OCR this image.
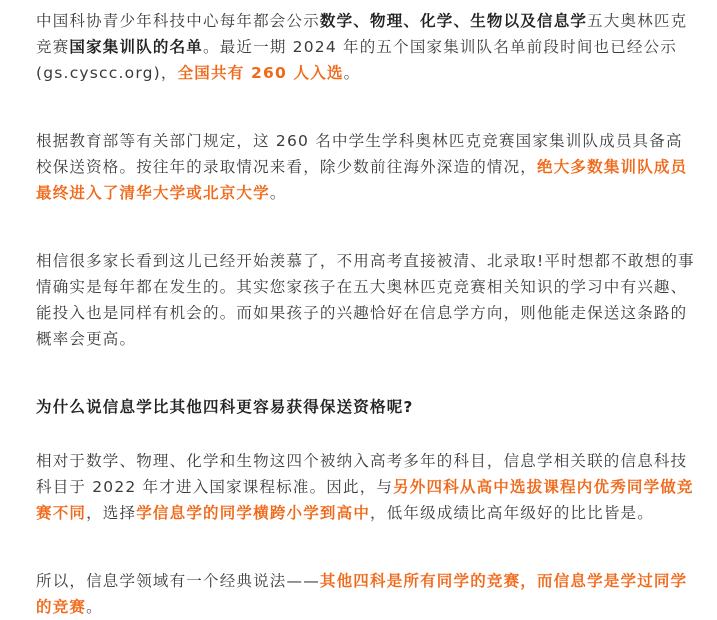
中国科协青少年科技中心每年都会公示数学、物理、化学、生物以及信息学五大奥林匹克竞赛国家集训队的名单。最近一期 2024 年的五个国家集训队名单前段时间也已经公示(gs.cyscc.org)，全国共有 260 人入选。

根据教育部等有关部门规定，这 260 名中学生学科奥林匹克竞赛国家集训队成员具备高校保送资格。按往年的录取情况来看，除少数前往海外深造的情况，绝大多数集训队成员最终进入了清华大学或北京大学。

相信很多家长看到这儿已经开始羡慕了，不用高考直接被清、北录取!平时想都不敢想的事情确实是每年都在发生的。其实您家孩子在五大奥林匹克竞赛相关知识的学习中有兴趣、能投入也是同样有机会的。而如果孩子的兴趣恰好在信息学方向，则他能走保送这条路的概率会更高。

为什么说信息学比其他四科更容易获得保送资格呢?

相对于数学、物理、化学和生物这四个被纳入高考多年的科目，信息学相关联的信息科技科目于 2022 年才进入国家课程标准。因此，与另外四科从高中选拔课程内优秀同学做竞赛不同，选择学信息学的同学横跨小学到高中，低年级成绩比高年级好的比比皆是。

所以，信息学领域有一个经典说法——其他四科是所有同学的竞赛，而信息学是学过同学的竞赛。
